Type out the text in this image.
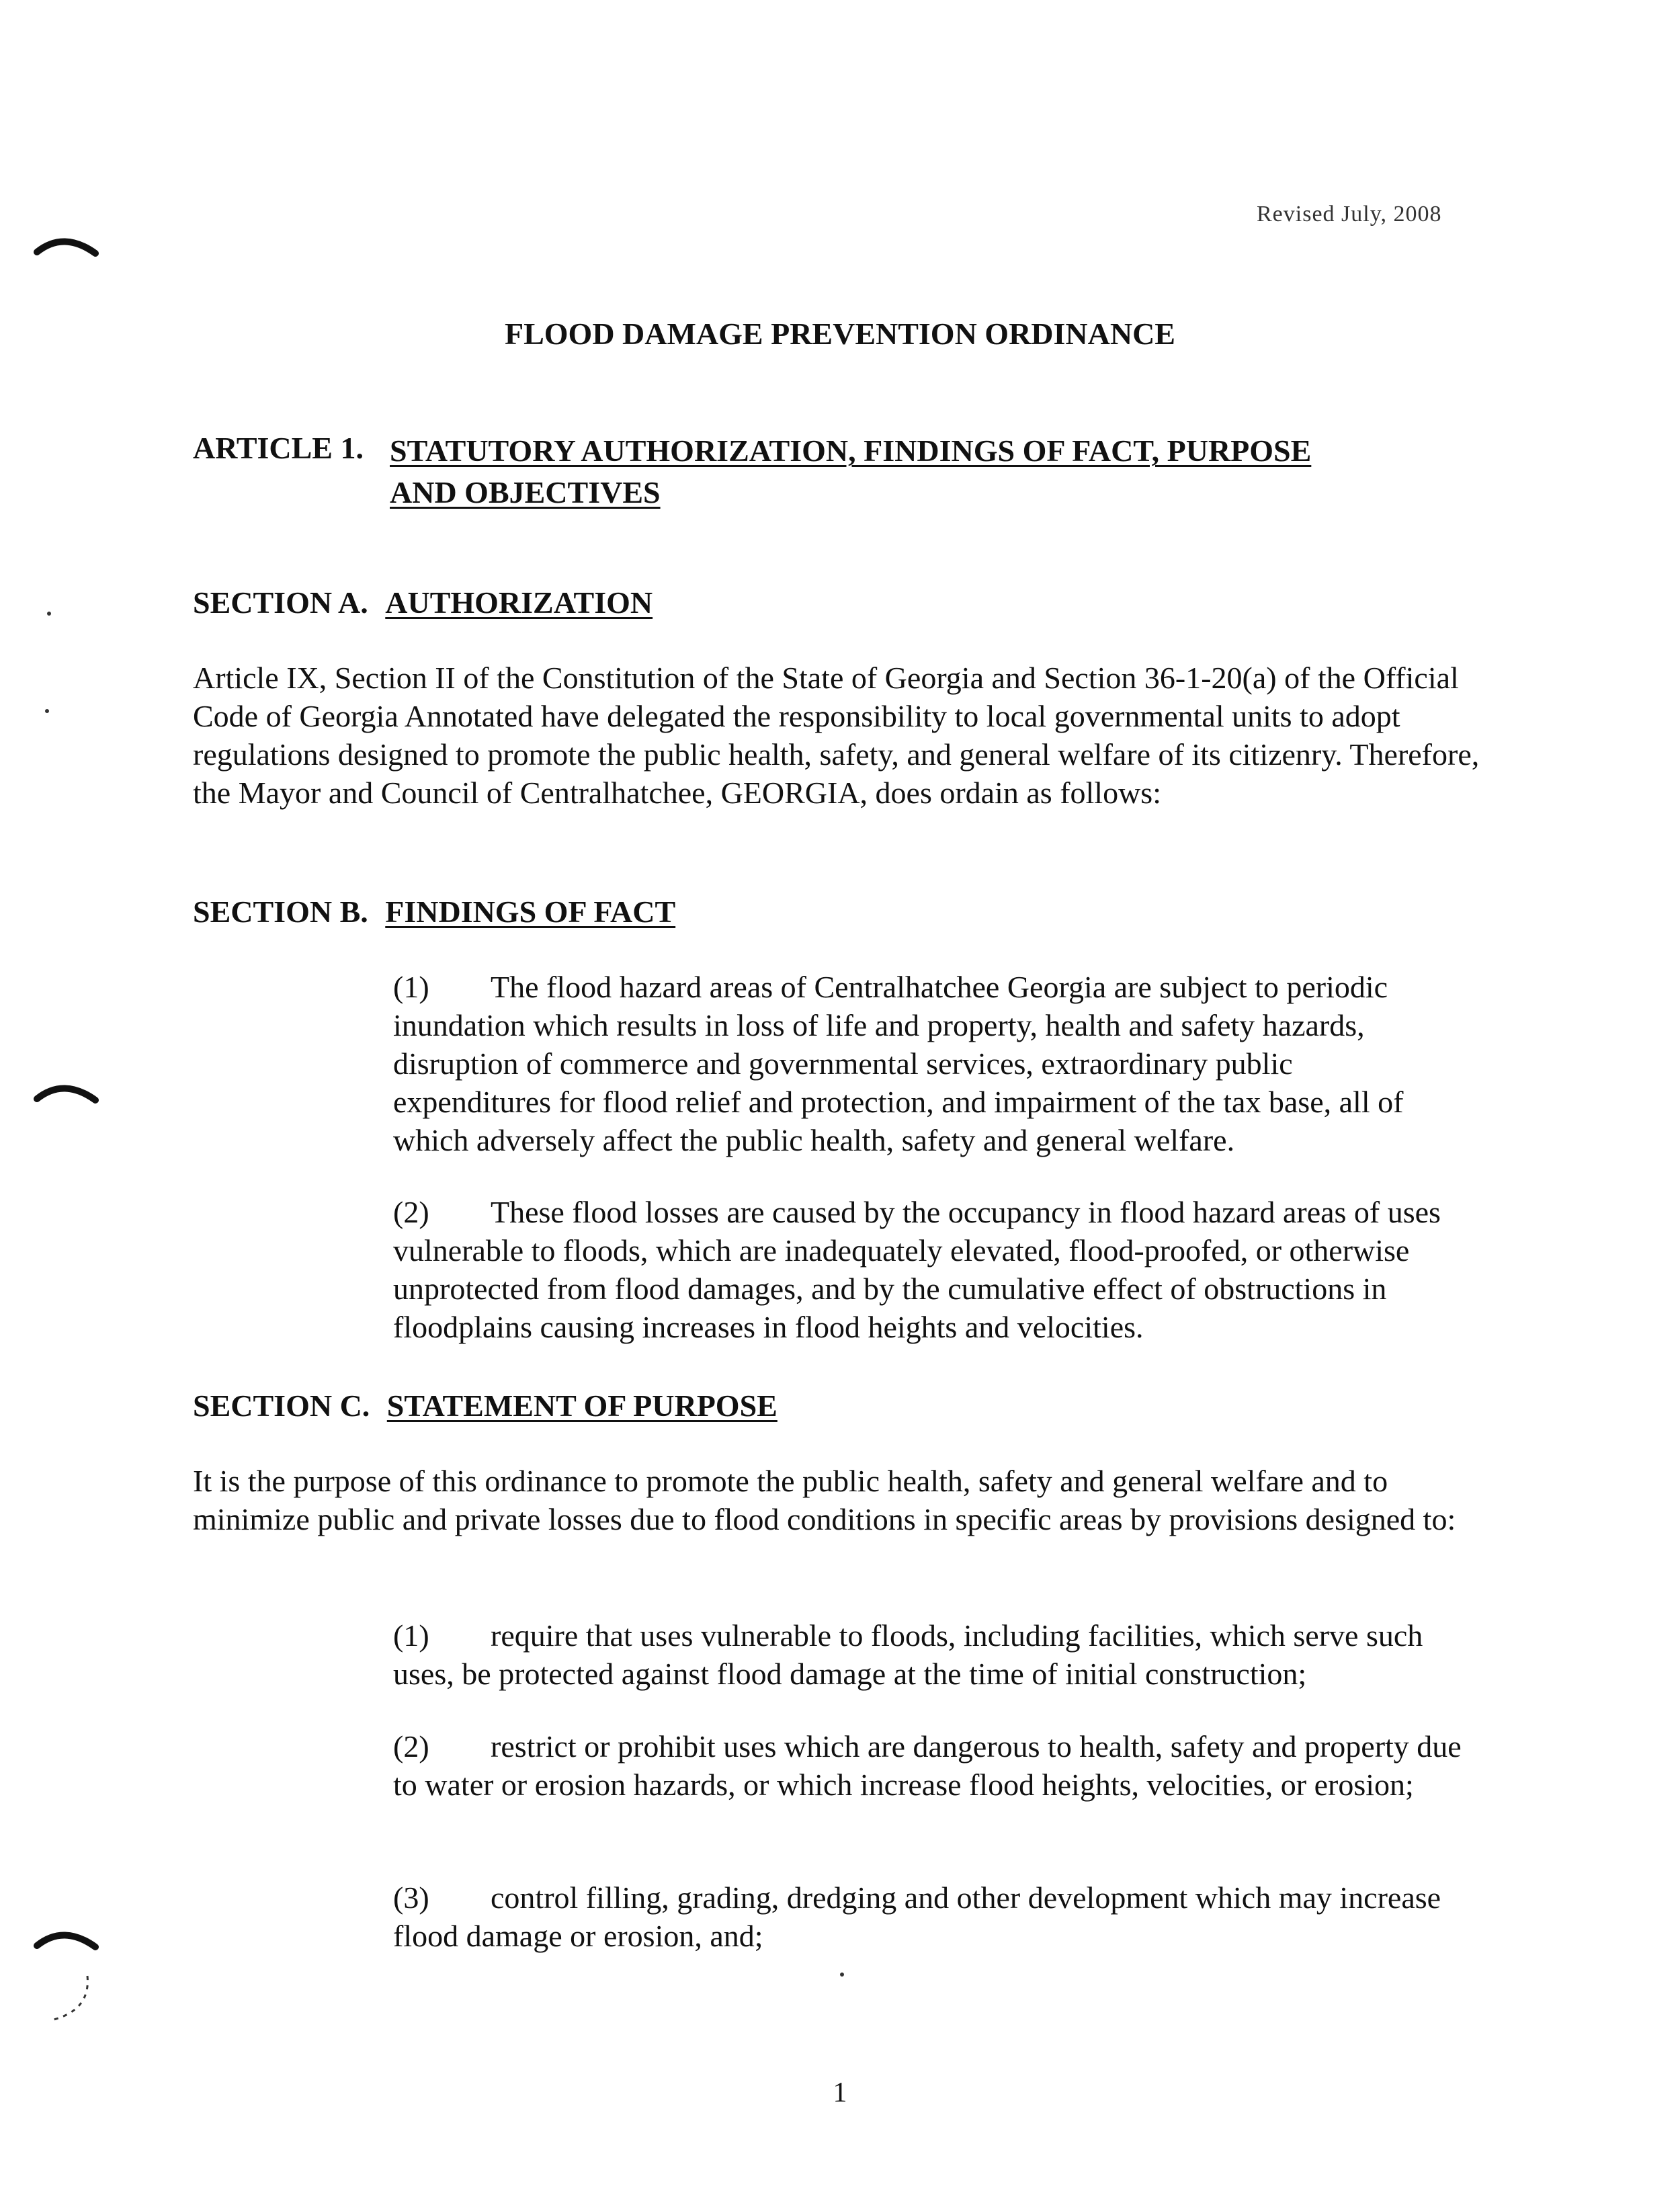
Revised July, 2008
FLOOD DAMAGE PREVENTION ORDINANCE
ARTICLE 1. STATUTORY AUTHORIZATION, FINDINGS OF FACT, PURPOSE
AND OBJECTIVES
SECTION A. AUTHORIZATION
Article IX, Section II of the Constitution of the State of Georgia and Section 36-1-20(a) of the Official Code of Georgia Annotated have delegated the responsibility to local governmental units to adopt regulations designed to promote the public health, safety, and general welfare of its citizenry. Therefore, the Mayor and Council of Centralhatchee, GEORGIA, does ordain as follows:
SECTION B. FINDINGS OF FACT
(1) The flood hazard areas of Centralhatchee Georgia are subject to periodic inundation which results in loss of life and property, health and safety hazards, disruption of commerce and governmental services, extraordinary public expenditures for flood relief and protection, and impairment of the tax base, all of which adversely affect the public health, safety and general welfare.
(2) These flood losses are caused by the occupancy in flood hazard areas of uses vulnerable to floods, which are inadequately elevated, flood-proofed, or otherwise unprotected from flood damages, and by the cumulative effect of obstructions in floodplains causing increases in flood heights and velocities.
SECTION C. STATEMENT OF PURPOSE
It is the purpose of this ordinance to promote the public health, safety and general welfare and to minimize public and private losses due to flood conditions in specific areas by provisions designed to:
(1) require that uses vulnerable to floods, including facilities, which serve such uses, be protected against flood damage at the time of initial construction;
(2) restrict or prohibit uses which are dangerous to health, safety and property due to water or erosion hazards, or which increase flood heights, velocities, or erosion;
(3) control filling, grading, dredging and other development which may increase flood damage or erosion, and;
1
